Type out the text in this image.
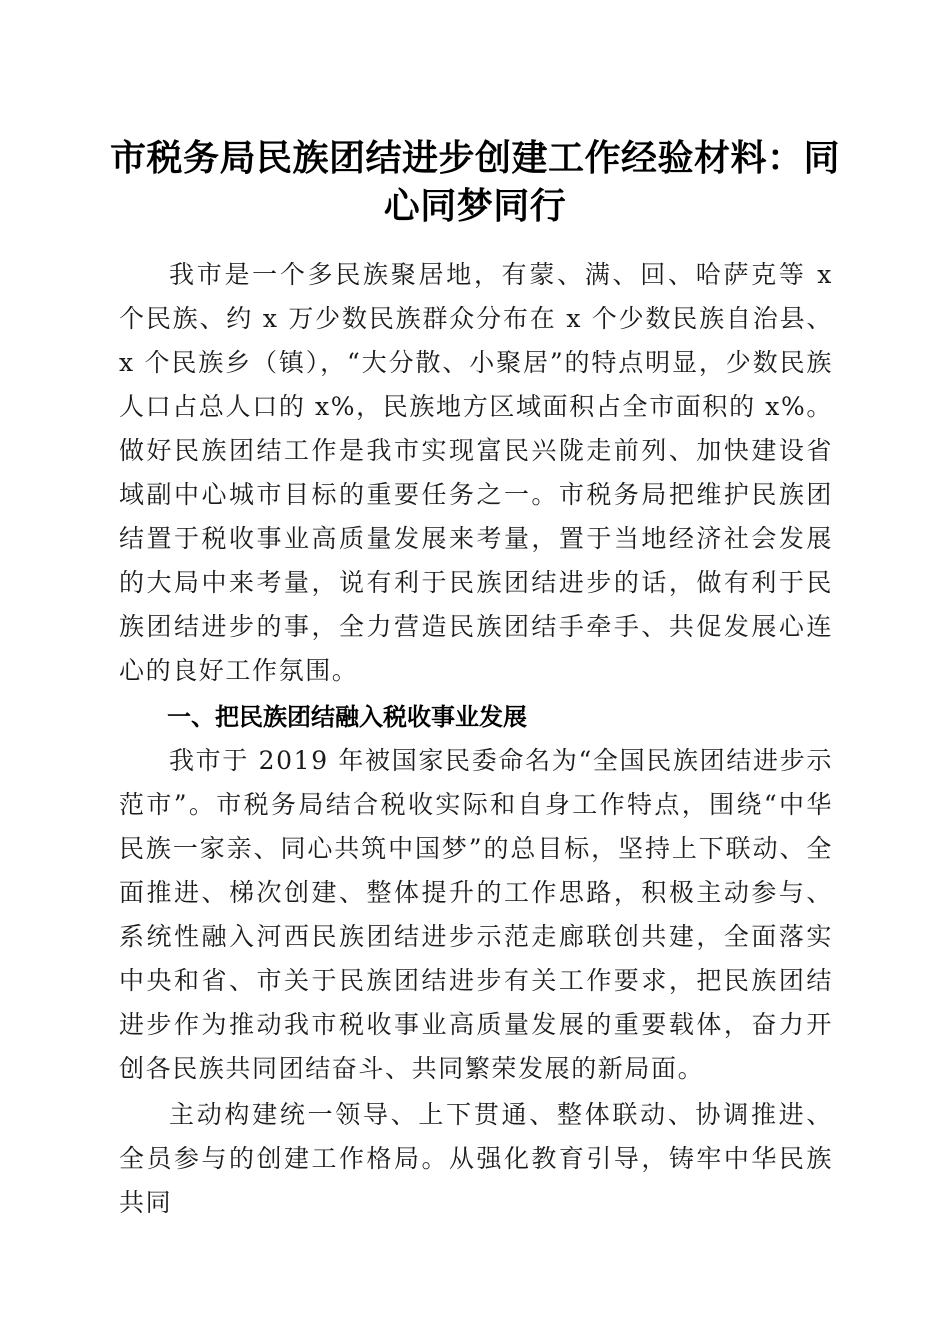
市税务局民族团结进步创建工作经验材料：同心同梦同行

我市是一个多民族聚居地，有蒙、满、回、哈萨克等 x 个民族、约 x 万少数民族群众分布在 x 个少数民族自治县、x 个民族乡（镇），“大分散、小聚居”的特点明显，少数民族人口占总人口的 x%，民族地方区域面积占全市面积的 x%。做好民族团结工作是我市实现富民兴陇走前列、加快建设省域副中心城市目标的重要任务之一。市税务局把维护民族团结置于税收事业高质量发展来考量，置于当地经济社会发展的大局中来考量，说有利于民族团结进步的话，做有利于民族团结进步的事，全力营造民族团结手牵手、共促发展心连心的良好工作氛围。

一、把民族团结融入税收事业发展

我市于 2019 年被国家民委命名为“全国民族团结进步示范市”。市税务局结合税收实际和自身工作特点，围绕“中华民族一家亲、同心共筑中国梦”的总目标，坚持上下联动、全面推进、梯次创建、整体提升的工作思路，积极主动参与、系统性融入河西民族团结进步示范走廊联创共建，全面落实中央和省、市关于民族团结进步有关工作要求，把民族团结进步作为推动我市税收事业高质量发展的重要载体，奋力开创各民族共同团结奋斗、共同繁荣发展的新局面。

主动构建统一领导、上下贯通、整体联动、协调推进、全员参与的创建工作格局。从强化教育引导，铸牢中华民族共同
